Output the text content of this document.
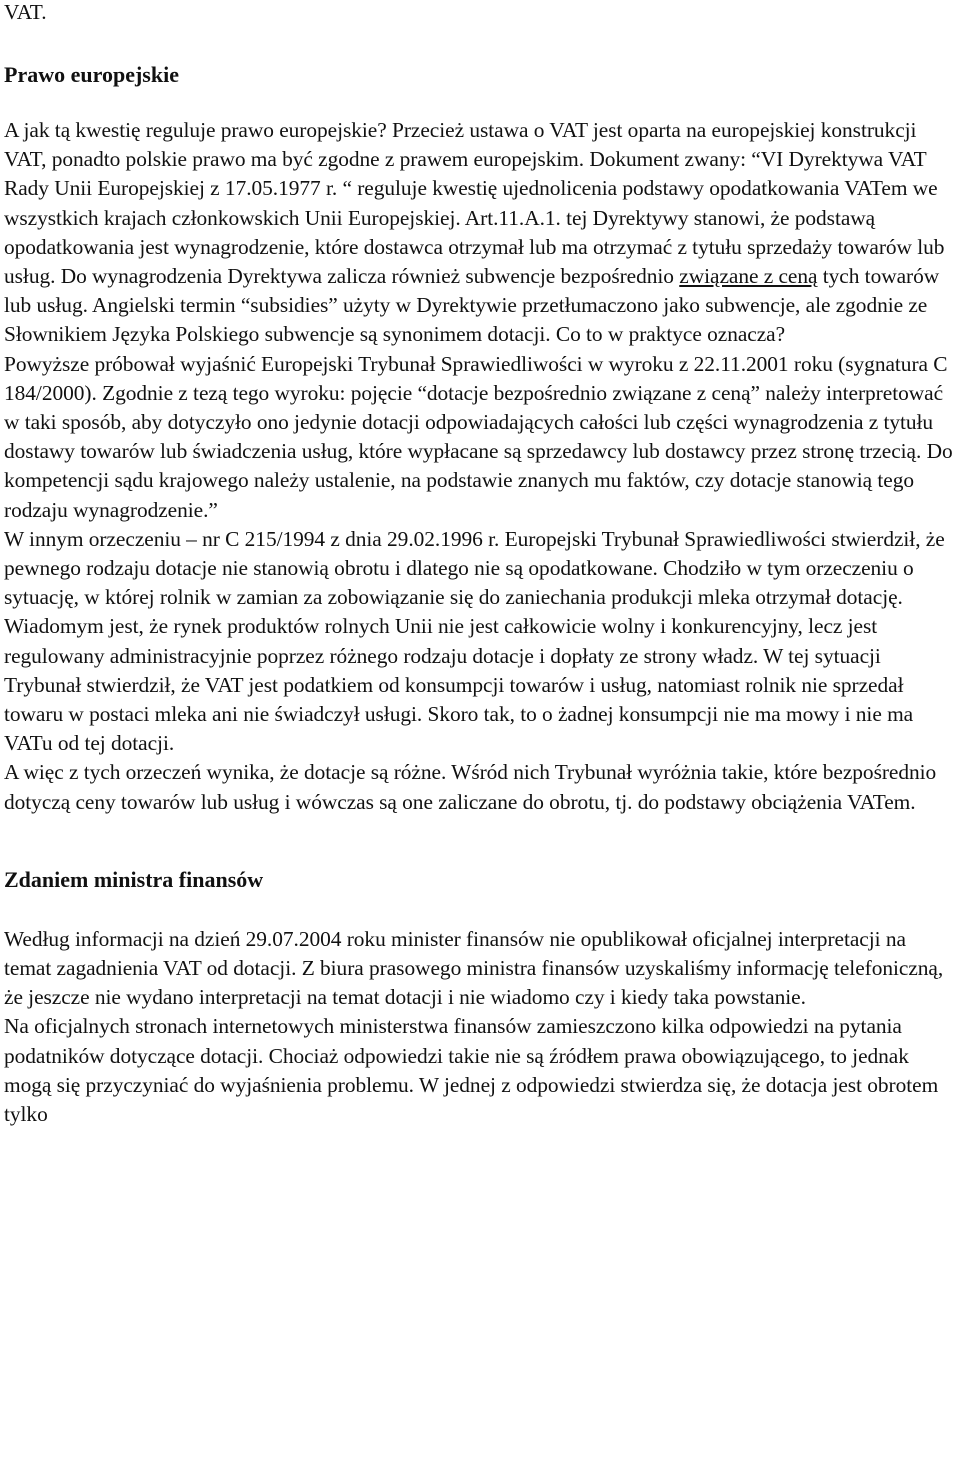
VAT.

Prawo europejskie

A jak tą kwestię reguluje prawo europejskie? Przecież ustawa o VAT jest oparta na europejskiej konstrukcji VAT, ponadto polskie prawo ma być zgodne z prawem europejskim. Dokument zwany: “VI Dyrektywa VAT Rady Unii Europejskiej z 17.05.1977 r. “ reguluje kwestię ujednolicenia podstawy opodatkowania VATem we wszystkich krajach członkowskich Unii Europejskiej. Art.11.A.1. tej Dyrektywy stanowi, że podstawą opodatkowania jest wynagrodzenie, które dostawca otrzymał lub ma otrzymać z tytułu sprzedaży towarów lub usług. Do wynagrodzenia Dyrektywa zalicza również subwencje bezpośrednio związane z ceną tych towarów lub usług. Angielski termin “subsidies” użyty w Dyrektywie przetłumaczono jako subwencje, ale zgodnie ze Słownikiem Języka Polskiego subwencje są synonimem dotacji. Co to w praktyce oznacza?

Powyższe próbował wyjaśnić Europejski Trybunał Sprawiedliwości w wyroku z 22.11.2001 roku (sygnatura C 184/2000). Zgodnie z tezą tego wyroku: pojęcie “dotacje bezpośrednio związane z ceną” należy interpretować w taki sposób, aby dotyczyło ono jedynie dotacji odpowiadających całości lub części wynagrodzenia z tytułu dostawy towarów lub świadczenia usług, które wypłacane są sprzedawcy lub dostawcy przez stronę trzecią. Do kompetencji sądu krajowego należy ustalenie, na podstawie znanych mu faktów, czy dotacje stanowią tego rodzaju wynagrodzenie.”

W innym orzeczeniu – nr C 215/1994 z dnia 29.02.1996 r. Europejski Trybunał Sprawiedliwości stwierdził, że pewnego rodzaju dotacje nie stanowią obrotu i dlatego nie są opodatkowane. Chodziło w tym orzeczeniu o sytuację, w której rolnik w zamian za zobowiązanie się do zaniechania produkcji mleka otrzymał dotację. Wiadomym jest, że rynek produktów rolnych Unii nie jest całkowicie wolny i konkurencyjny, lecz jest regulowany administracyjnie poprzez różnego rodzaju dotacje i dopłaty ze strony władz. W tej sytuacji Trybunał stwierdził, że VAT jest podatkiem od konsumpcji towarów i usług, natomiast rolnik nie sprzedał towaru w postaci mleka ani nie świadczył usługi. Skoro tak, to o żadnej konsumpcji nie ma mowy i nie ma VATu od tej dotacji.

A więc z tych orzeczeń wynika, że dotacje są różne. Wśród nich Trybunał wyróżnia takie, które bezpośrednio dotyczą ceny towarów lub usług i wówczas są one zaliczane do obrotu, tj. do podstawy obciążenia VATem.

Zdaniem ministra finansów

Według informacji na dzień 29.07.2004 roku minister finansów nie opublikował oficjalnej interpretacji na temat zagadnienia VAT od dotacji. Z biura prasowego ministra finansów uzyskaliśmy informację telefoniczną, że jeszcze nie wydano interpretacji na temat dotacji i nie wiadomo czy i kiedy taka powstanie.

Na oficjalnych stronach internetowych ministerstwa finansów zamieszczono kilka odpowiedzi na pytania podatników dotyczące dotacji. Chociaż odpowiedzi takie nie są źródłem prawa obowiązującego, to jednak mogą się przyczyniać do wyjaśnienia problemu. W jednej z odpowiedzi stwierdza się, że dotacja jest obrotem tylko
